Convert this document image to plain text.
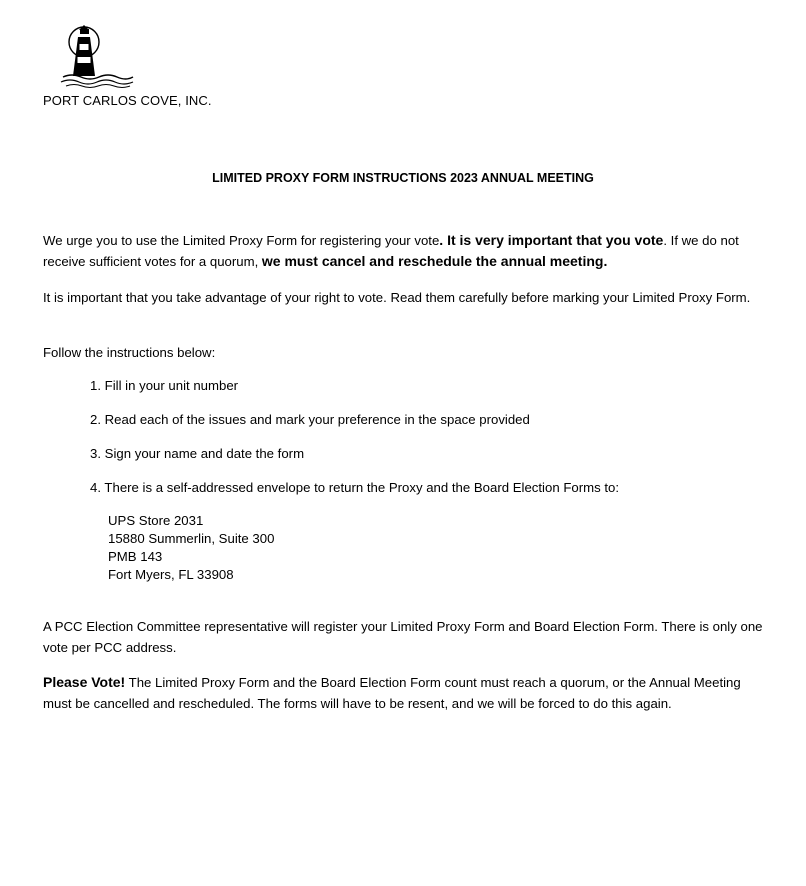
PORT CARLOS COVE, INC.
LIMITED PROXY FORM INSTRUCTIONS 2023 ANNUAL MEETING

We urge you to use the Limited Proxy Form for registering your vote. It is very important that you vote. If we do not receive sufficient votes for a quorum, we must cancel and reschedule the annual meeting.

It is important that you take advantage of your right to vote. Read them carefully before marking your Limited Proxy Form.

Follow the instructions below:

1. Fill in your unit number
2. Read each of the issues and mark your preference in the space provided
3. Sign your name and date the form
4. There is a self-addressed envelope to return the Proxy and the Board Election Forms to:
UPS Store 2031
15880 Summerlin, Suite 300
PMB 143
Fort Myers, FL 33908

A PCC Election Committee representative will register your Limited Proxy Form and Board Election Form. There is only one vote per PCC address.

Please Vote! The Limited Proxy Form and the Board Election Form count must reach a quorum, or the Annual Meeting must be cancelled and rescheduled. The forms will have to be resent, and we will be forced to do this again.
